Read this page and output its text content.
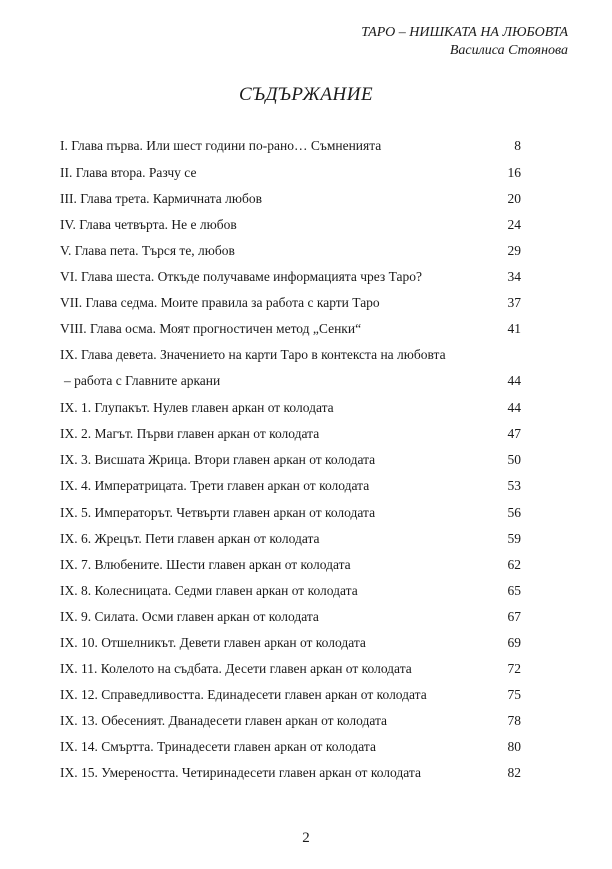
ТАРО – НИШКАТА НА ЛЮБОВТА
Василиса Стоянова
СЪДЪРЖАНИЕ
I. Глава първа. Или шест години по-рано… Съмненията	8
II. Глава втора. Разчу се	16
III. Глава трета. Кармичната любов	20
IV. Глава четвърта. Не е любов	24
V. Глава пета. Търся те, любов	29
VI. Глава шеста. Откъде получаваме информацията чрез Таро?	34
VII. Глава седма. Моите правила за работа с карти Таро	37
VIII. Глава осма. Моят прогностичен метод „Сенки“	41
IX. Глава девета. Значението на карти Таро в контекста на любовта
– работа с Главните аркани	44
IX. 1. Глупакът. Нулев главен аркан от колодата	44
IX. 2. Магът. Първи главен аркан от колодата	47
IX. 3. Висшата Жрица. Втори главен аркан от колодата	50
IX. 4. Императрицата. Трети главен аркан от колодата	53
IX. 5. Императорът. Четвърти главен аркан от колодата	56
IX. 6. Жрецът. Пети главен аркан от колодата	59
IX. 7. Влюбените. Шести главен аркан от колодата	62
IX. 8. Колесницата. Седми главен аркан от колодата	65
IX. 9. Силата. Осми главен аркан от колодата	67
IX. 10. Отшелникът. Девети главен аркан от колодата	69
IX. 11. Колелото на съдбата. Десети главен аркан от колодата	72
IX. 12. Справедливостта. Единадесети главен аркан от колодата	75
IX. 13. Обесеният. Дванадесети главен аркан от колодата	78
IX. 14. Смъртта. Тринадесети главен аркан от колодата	80
IX. 15. Умереността. Четиринадесети главен аркан от колодата	82
2
